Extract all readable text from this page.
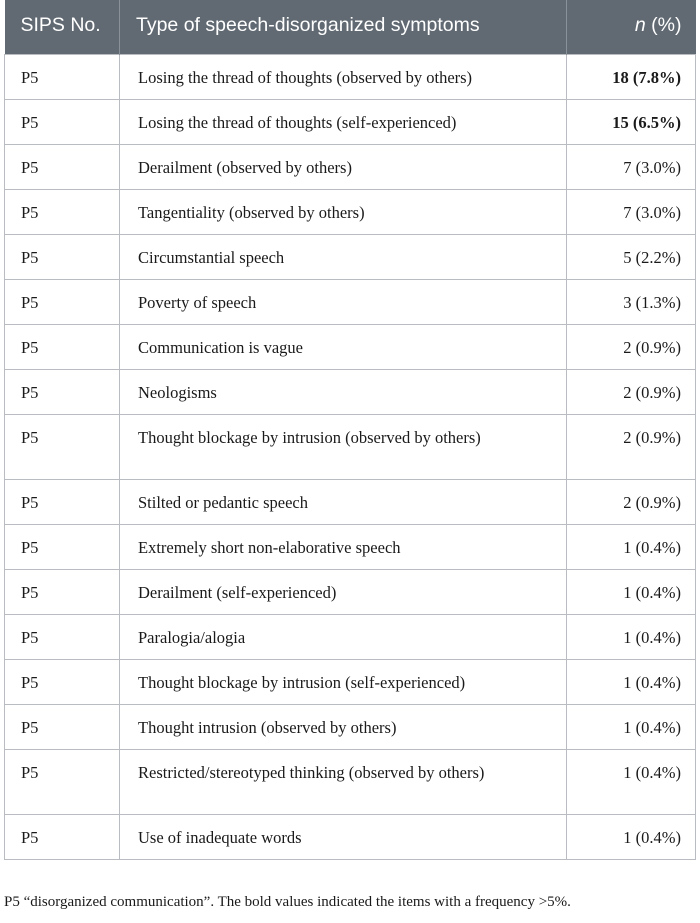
SIPS No.	Type of speech-disorganized symptoms	n (%)
P5	Losing the thread of thoughts (observed by others)	18 (7.8%)
P5	Losing the thread of thoughts (self-experienced)	15 (6.5%)
P5	Derailment (observed by others)	7 (3.0%)
P5	Tangentiality (observed by others)	7 (3.0%)
P5	Circumstantial speech	5 (2.2%)
P5	Poverty of speech	3 (1.3%)
P5	Communication is vague	2 (0.9%)
P5	Neologisms	2 (0.9%)
P5	Thought blockage by intrusion (observed by others)	2 (0.9%)
P5	Stilted or pedantic speech	2 (0.9%)
P5	Extremely short non-elaborative speech	1 (0.4%)
P5	Derailment (self-experienced)	1 (0.4%)
P5	Paralogia/alogia	1 (0.4%)
P5	Thought blockage by intrusion (self-experienced)	1 (0.4%)
P5	Thought intrusion (observed by others)	1 (0.4%)
P5	Restricted/stereotyped thinking (observed by others)	1 (0.4%)
P5	Use of inadequate words	1 (0.4%)

P5 “disorganized communication”. The bold values indicated the items with a frequency >5%.
